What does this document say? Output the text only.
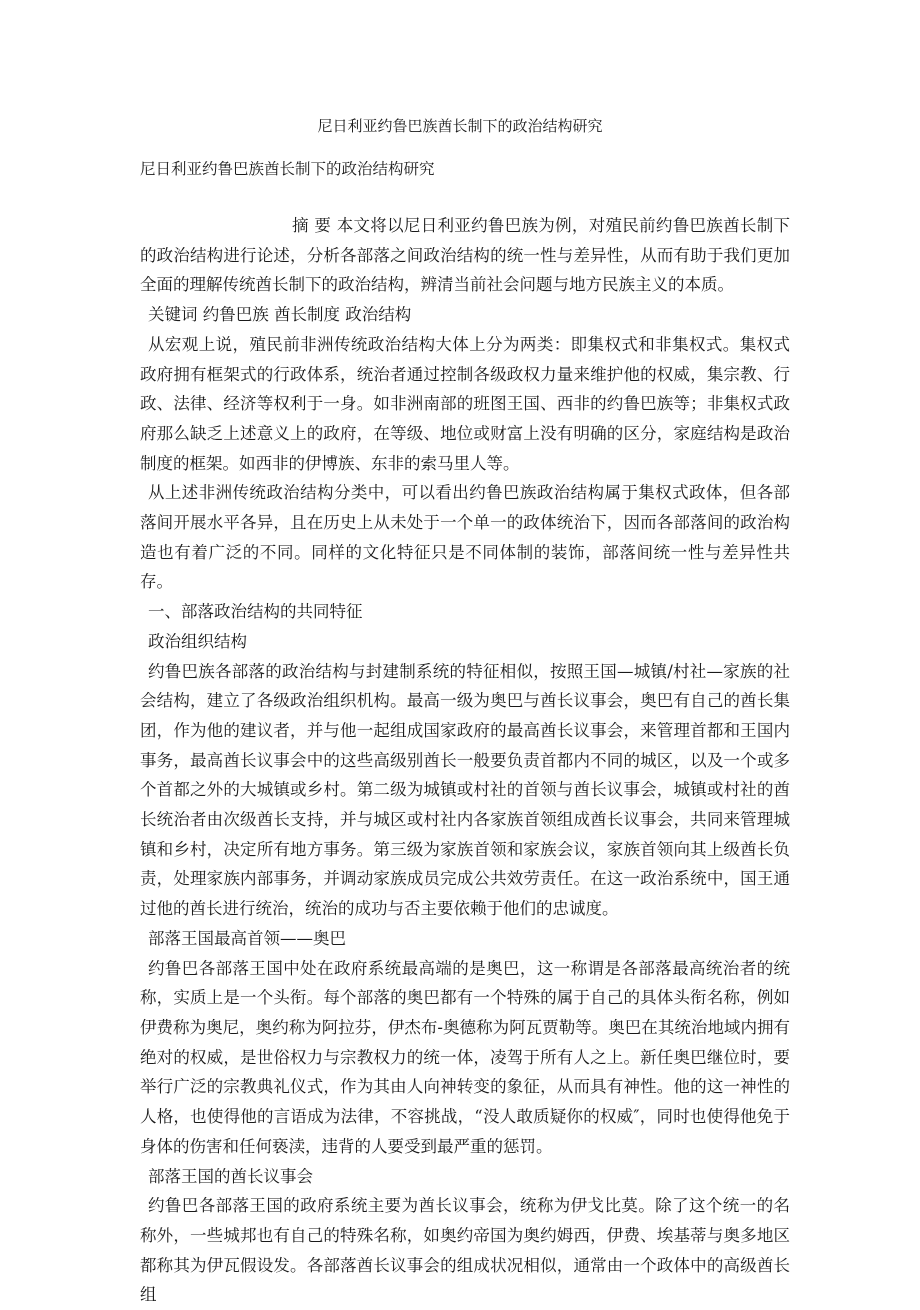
尼日利亚约鲁巴族酋长制下的政治结构研究
尼日利亚约鲁巴族酋长制下的政治结构研究

摘 要 本文将以尼日利亚约鲁巴族为例，对殖民前约鲁巴族酋长制下的政治结构进行论述，分析各部落之间政治结构的统一性与差异性，从而有助于我们更加全面的理解传统酋长制下的政治结构，辨清当前社会问题与地方民族主义的本质。

关键词 约鲁巴族 酋长制度 政治结构

从宏观上说，殖民前非洲传统政治结构大体上分为两类：即集权式和非集权式。集权式政府拥有框架式的行政体系，统治者通过控制各级政权力量来维护他的权威，集宗教、行政、法律、经济等权利于一身。如非洲南部的班图王国、西非的约鲁巴族等；非集权式政府那么缺乏上述意义上的政府，在等级、地位或财富上没有明确的区分，家庭结构是政治制度的框架。如西非的伊博族、东非的索马里人等。

从上述非洲传统政治结构分类中，可以看出约鲁巴族政治结构属于集权式政体，但各部落间开展水平各异，且在历史上从未处于一个单一的政体统治下，因而各部落间的政治构造也有着广泛的不同。同样的文化特征只是不同体制的装饰，部落间统一性与差异性共存。

一、部落政治结构的共同特征

政治组织结构

约鲁巴族各部落的政治结构与封建制系统的特征相似，按照王国—城镇/村社—家族的社会结构，建立了各级政治组织机构。最高一级为奥巴与酋长议事会，奥巴有自己的酋长集团，作为他的建议者，并与他一起组成国家政府的最高酋长议事会，来管理首都和王国内事务，最高酋长议事会中的这些高级别酋长一般要负责首都内不同的城区，以及一个或多个首都之外的大城镇或乡村。第二级为城镇或村社的首领与酋长议事会，城镇或村社的酋长统治者由次级酋长支持，并与城区或村社内各家族首领组成酋长议事会，共同来管理城镇和乡村，决定所有地方事务。第三级为家族首领和家族会议，家族首领向其上级酋长负责，处理家族内部事务，并调动家族成员完成公共效劳责任。在这一政治系统中，国王通过他的酋长进行统治，统治的成功与否主要依赖于他们的忠诚度。

部落王国最高首领——奥巴

约鲁巴各部落王国中处在政府系统最高端的是奥巴，这一称谓是各部落最高统治者的统称，实质上是一个头衔。每个部落的奥巴都有一个特殊的属于自己的具体头衔名称，例如伊费称为奥尼，奥约称为阿拉芬，伊杰布-奥德称为阿瓦贾勒等。奥巴在其统治地域内拥有绝对的权威，是世俗权力与宗教权力的统一体，凌驾于所有人之上。新任奥巴继位时，要举行广泛的宗教典礼仪式，作为其由人向神转变的象征，从而具有神性。他的这一神性的人格，也使得他的言语成为法律，不容挑战，“没人敢质疑你的权威″，同时也使得他免于身体的伤害和任何亵渎，违背的人要受到最严重的惩罚。

部落王国的酋长议事会

约鲁巴各部落王国的政府系统主要为酋长议事会，统称为伊戈比莫。除了这个统一的名称外，一些城邦也有自己的特殊名称，如奥约帝国为奥约姆西，伊费、埃基蒂与奥多地区都称其为伊瓦假设发。各部落酋长议事会的组成状况相似，通常由一个政体中的高级酋长组
